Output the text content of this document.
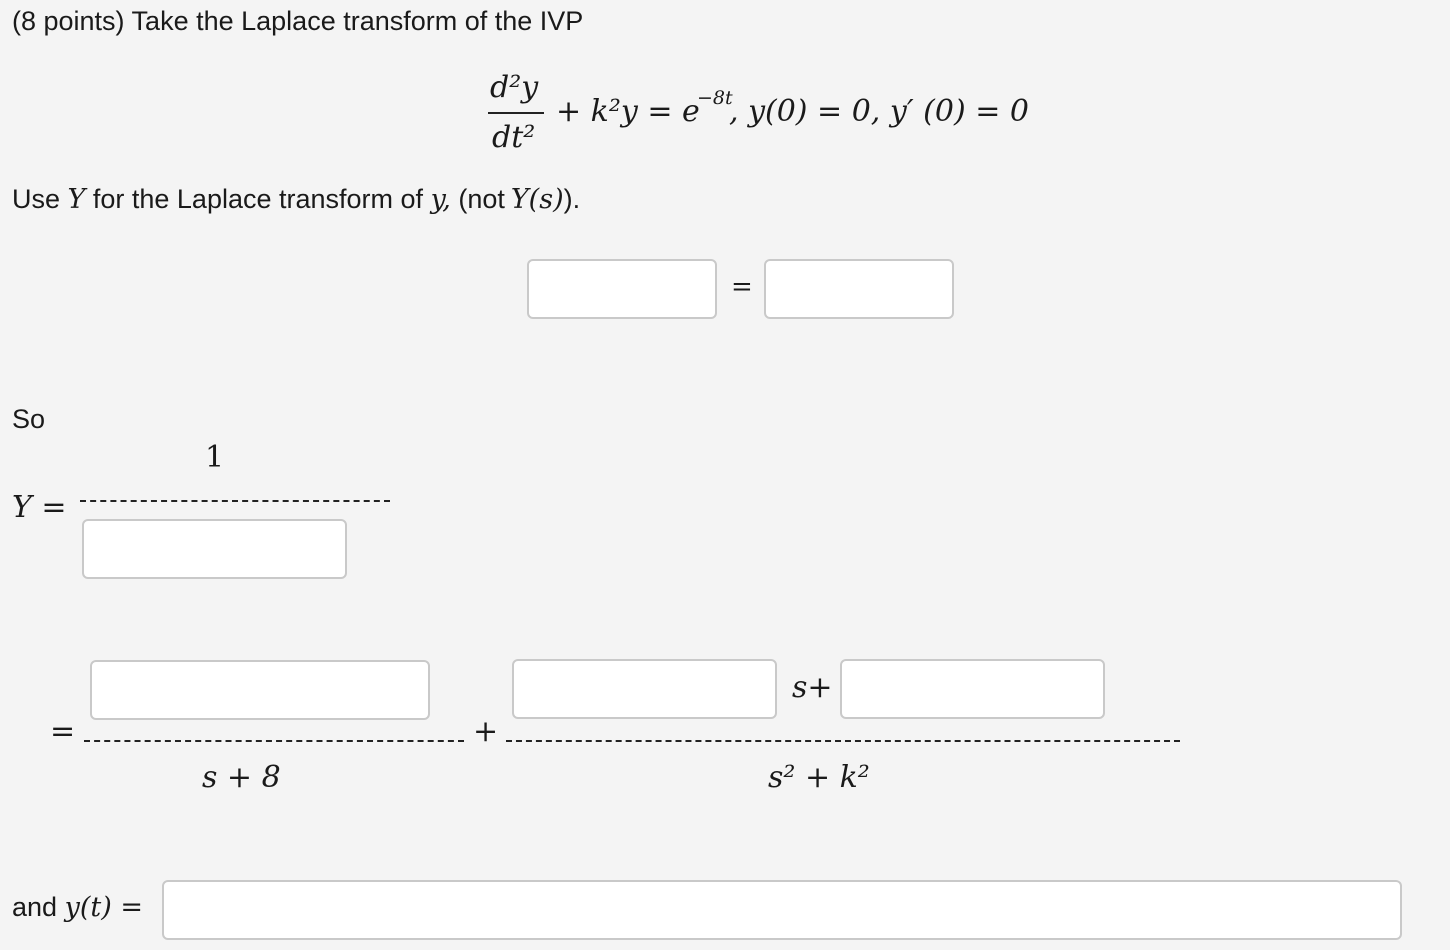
(8 points) Take the Laplace transform of the IVP
d²y
dt²
+ k²y = e
−8t
, y(0) = 0, y′ (0) = 0
Use Y for the Laplace transform of y, (not Y(s)).
=
So
1
Y =
s+
=	+
s + 8	s² + k²
and y(t) =
